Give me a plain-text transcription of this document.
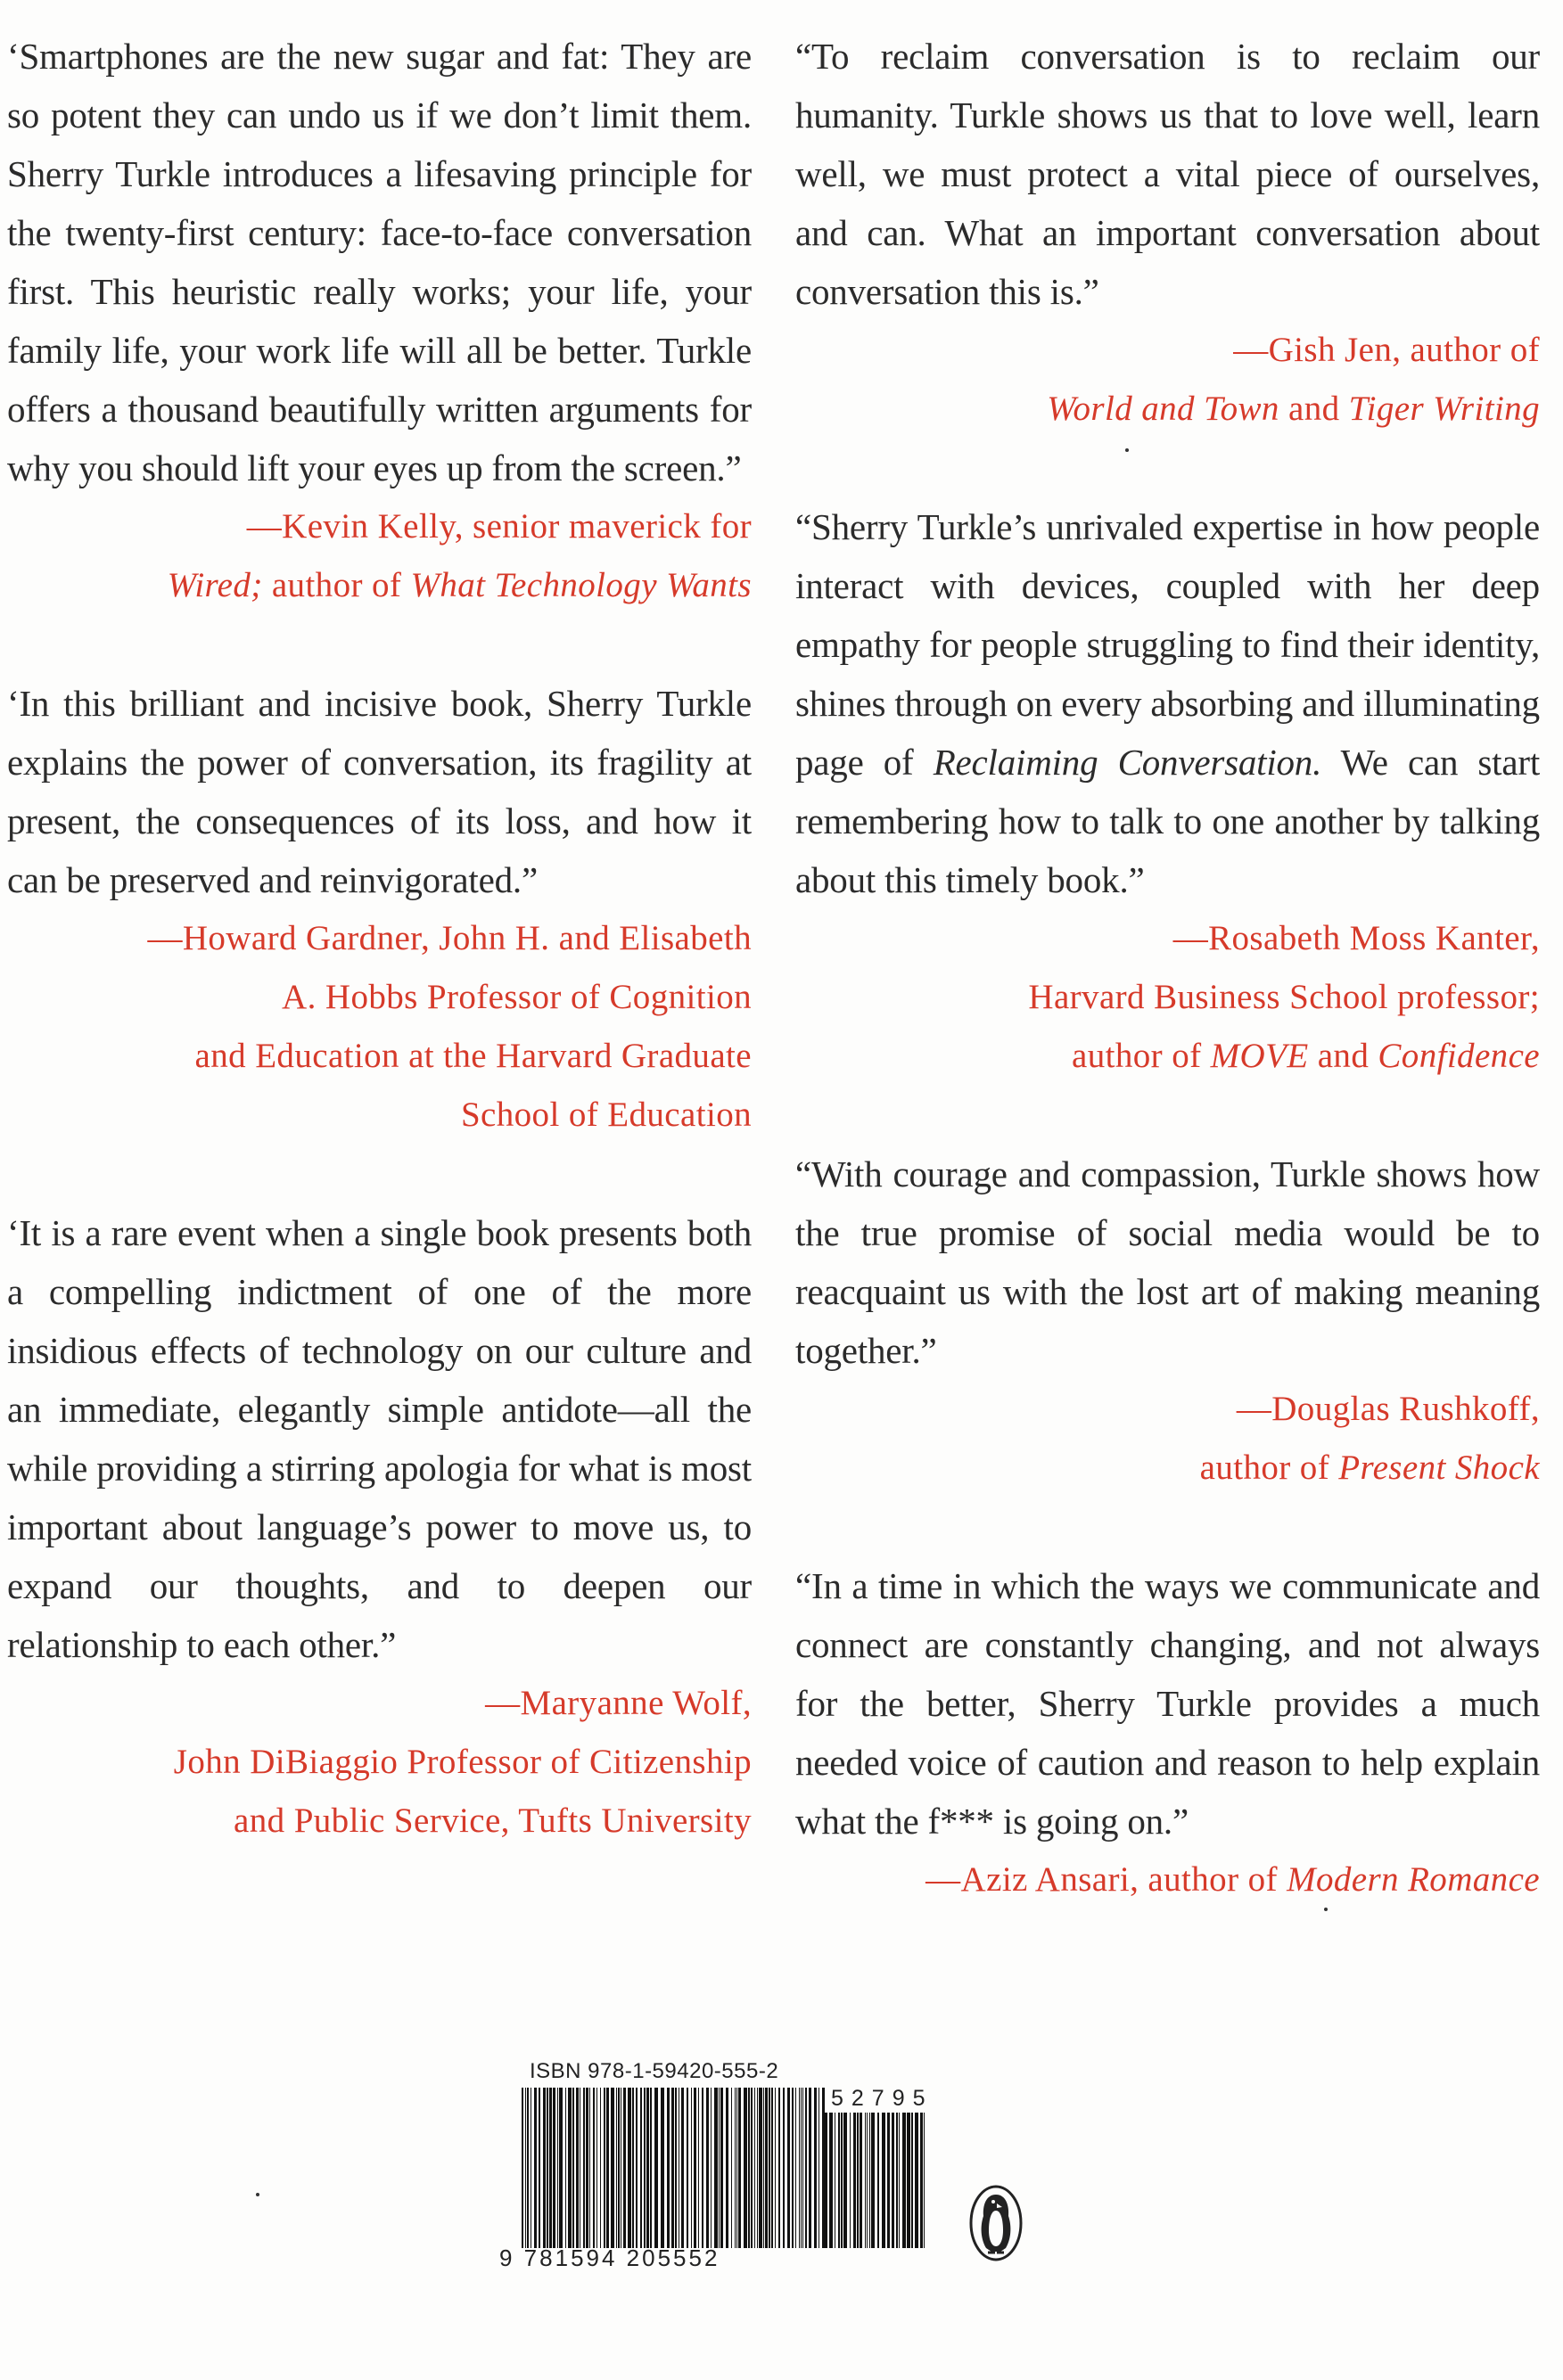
‘Smartphones are the new sugar and fat: They are so potent they can undo us if we don’t limit them. Sherry Turkle introduces a lifesaving principle for the twenty-first century: face-to-face conversation first. This heuristic really works; your life, your family life, your work life will all be better. Turkle offers a thousand beautifully written arguments for why you should lift your eyes up from the screen.”

—Kevin Kelly, senior maverick for
Wired; author of What Technology Wants

‘In this brilliant and incisive book, Sherry Turkle explains the power of conversation, its fragility at present, the consequences of its loss, and how it can be preserved and reinvigorated.”

—Howard Gardner, John H. and Elisabeth
A. Hobbs Professor of Cognition
and Education at the Harvard Graduate
School of Education

‘It is a rare event when a single book presents both a compelling indictment of one of the more insidious effects of technology on our culture and an immediate, elegantly simple antidote—all the while providing a stirring apologia for what is most important about language’s power to move us, to expand our thoughts, and to deepen our relationship to each other.”

—Maryanne Wolf,
John DiBiaggio Professor of Citizenship
and Public Service, Tufts University

“To reclaim conversation is to reclaim our humanity. Turkle shows us that to love well, learn well, we must protect a vital piece of ourselves, and can. What an important conversation about conversation this is.”

—Gish Jen, author of
World and Town and Tiger Writing

“Sherry Turkle’s unrivaled expertise in how people interact with devices, coupled with her deep empathy for people struggling to find their identity, shines through on every absorbing and illuminating page of Reclaiming Conversation. We can start remembering how to talk to one another by talking about this timely book.”

—Rosabeth Moss Kanter,
Harvard Business School professor;
author of MOVE and Confidence

“With courage and compassion, Turkle shows how the true promise of social media would be to reacquaint us with the lost art of making meaning together.”

—Douglas Rushkoff,
author of Present Shock

“In a time in which the ways we communicate and connect are constantly changing, and not always for the better, Sherry Turkle provides a much needed voice of caution and reason to help explain what the f*** is going on.”

—Aziz Ansari, author of Modern Romance

ISBN 978-1-59420-555-2
52795
9 781594 205552
